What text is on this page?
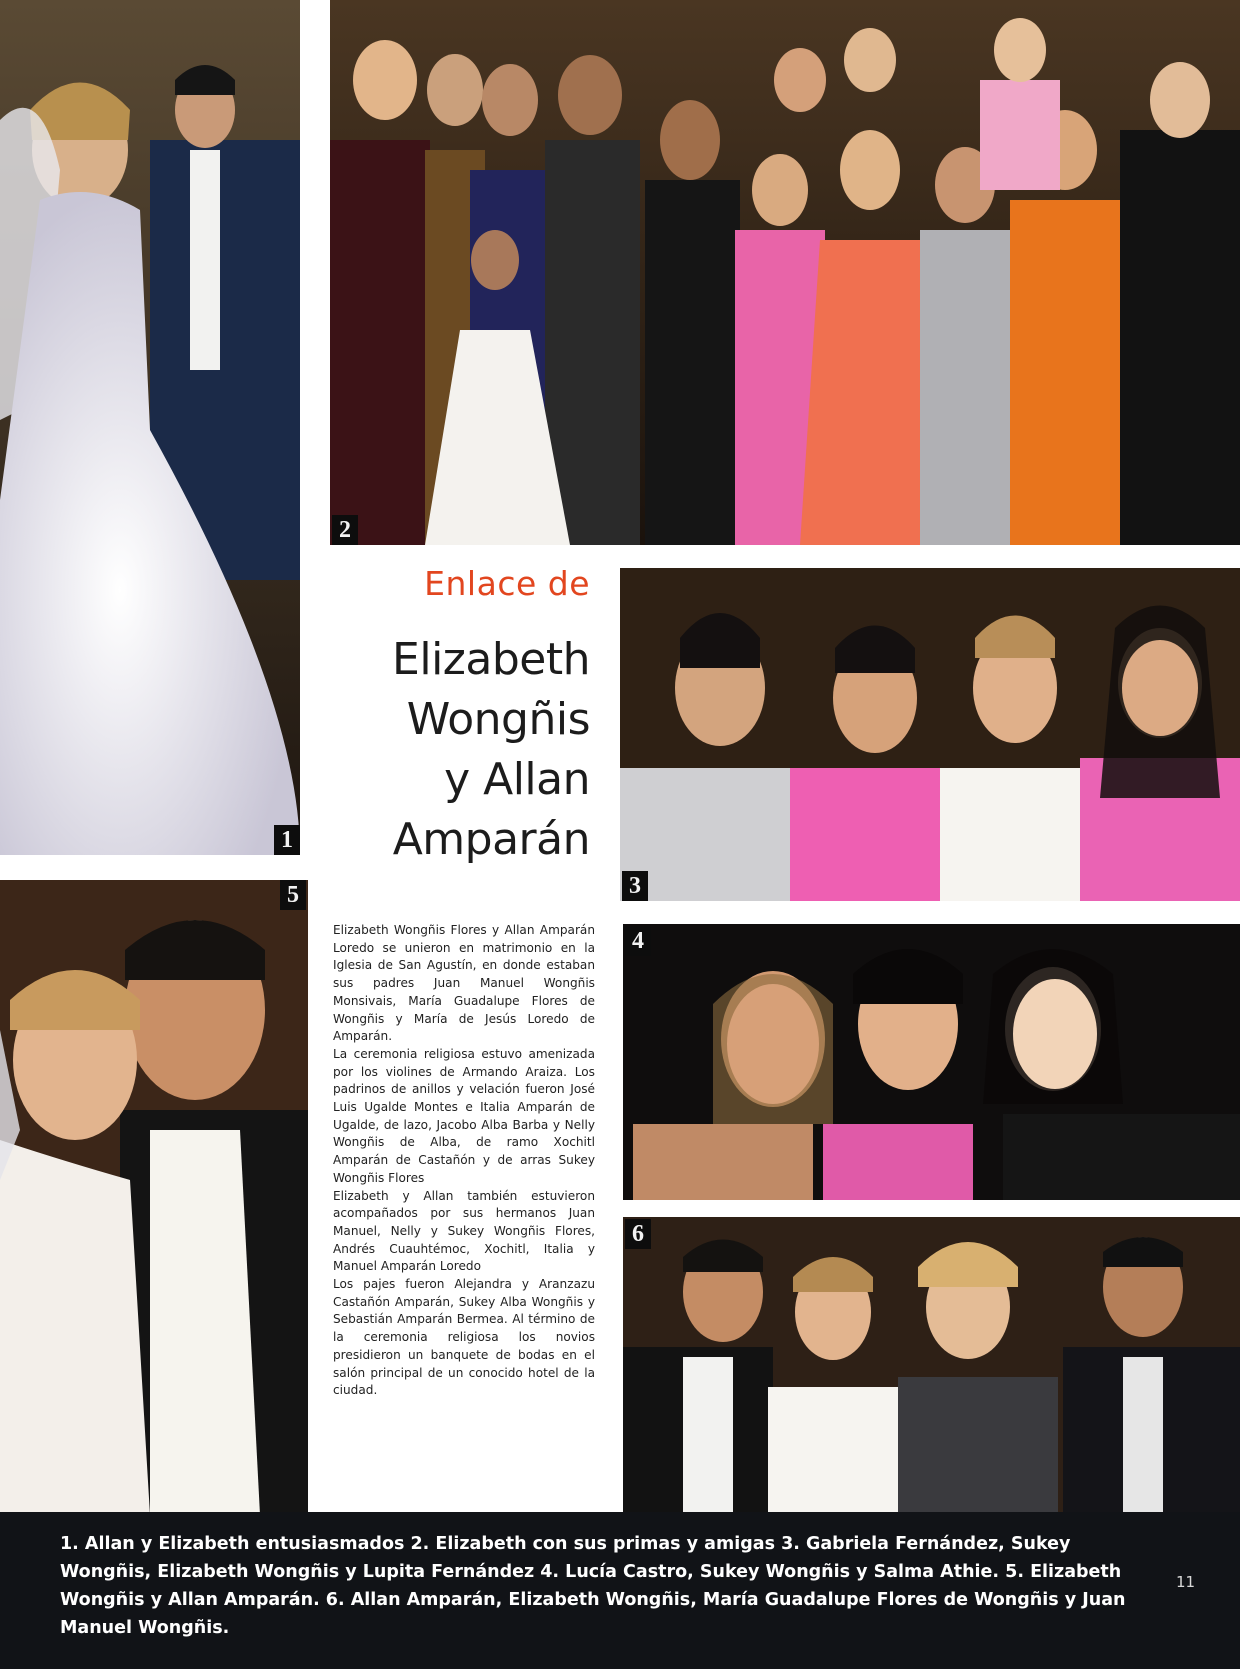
1
2
Enlace de
Elizabeth
Wongñis
y Allan
Amparán
3
5

Elizabeth Wongñis Flores y Allan Amparán Loredo se unieron en matrimonio en la Iglesia de San Agustín, en donde estaban sus padres Juan Manuel Wongñis Monsivais, María Guadalupe Flores de Wongñis y María de Jesús Loredo de Amparán.

La ceremonia religiosa estuvo amenizada por los violines de Armando Araiza. Los padrinos de anillos y velación fueron José Luis Ugalde Montes e Italia Amparán de Ugalde, de lazo, Jacobo Alba Barba y Nelly Wongñis de Alba, de ramo Xochitl Amparán de Castañón y de arras Sukey Wongñis Flores

Elizabeth y Allan también estuvieron acompañados por sus hermanos Juan Manuel, Nelly y Sukey Wongñis Flores, Andrés Cuauhtémoc, Xochitl, Italia y Manuel Amparán Loredo

Los pajes fueron Alejandra y Aranzazu Castañón Amparán, Sukey Alba Wongñis y Sebastián Amparán Bermea. Al término de la ceremonia religiosa los novios presidieron un banquete de bodas en el salón principal de un conocido hotel de la ciudad.

4
6
1. Allan y Elizabeth entusiasmados 2. Elizabeth con sus primas y amigas 3. Gabriela Fernández, Sukey Wongñis, Elizabeth Wongñis y Lupita Fernández 4. Lucía Castro, Sukey Wongñis y Salma Athie. 5. Elizabeth Wongñis y Allan Amparán. 6. Allan Amparán, Elizabeth Wongñis, María Guadalupe Flores de Wongñis y Juan Manuel Wongñis.
11
